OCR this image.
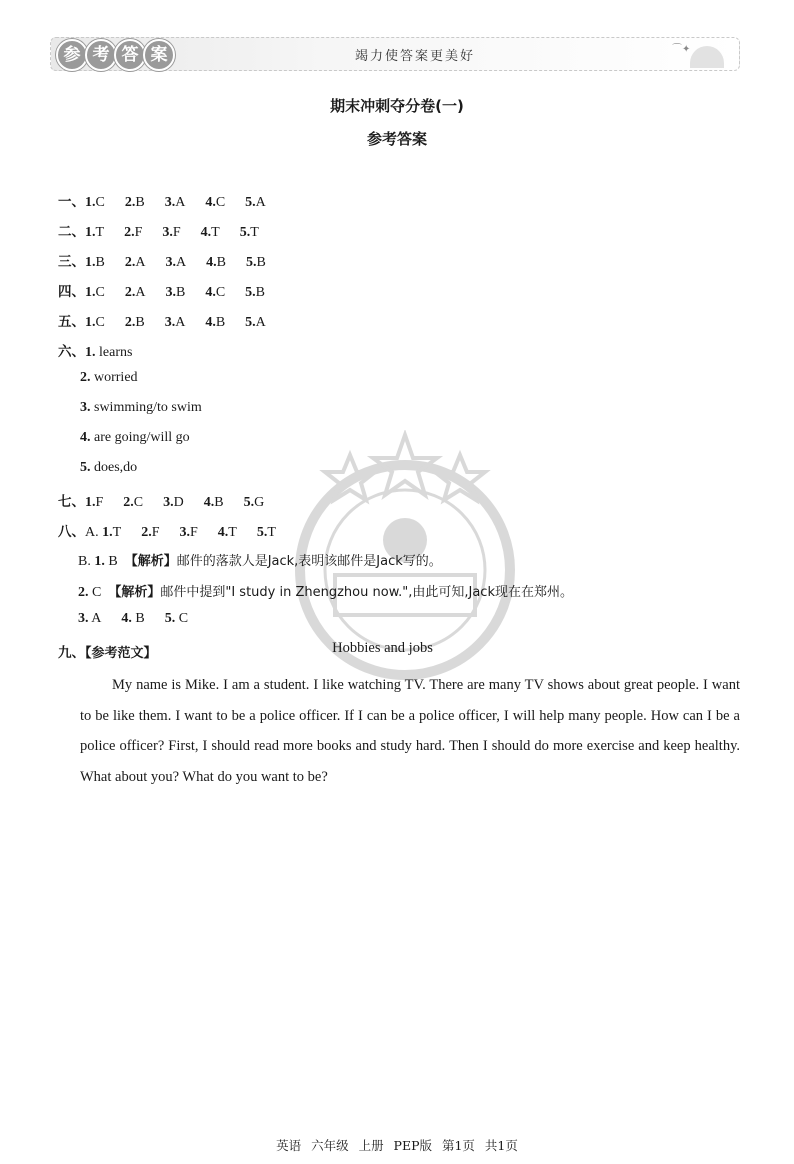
参 考 答 案	竭力使答案更美好	⌒✦
期末冲刺夺分卷(一)
参考答案
一、1.C 2.B 3.A 4.C 5.A
二、1.T 2.F 3.F 4.T 5.T
三、1.B 2.A 3.A 4.B 5.B
四、1.C 2.A 3.B 4.C 5.B
五、1.C 2.B 3.A 4.B 5.A
六、1. learns
2. worried
3. swimming/to swim
4. are going/will go
5. does,do
七、1.F 2.C 3.D 4.B 5.G
八、A. 1.T 2.F 3.F 4.T 5.T
B. 1. B 【解析】邮件的落款人是Jack,表明该邮件是Jack写的。
2. C 【解析】邮件中提到"I study in Zhengzhou now.",由此可知,Jack现在在郑州。
3. A 4. B 5. C
九、【参考范文】	Hobbies and jobs
My name is Mike. I am a student. I like watching TV. There are many TV shows about great people. I want to be like them. I want to be a police officer. If I can be a police officer, I will help many people. How can I be a police officer? First, I should read more books and study hard. Then I should do more exercise and keep healthy. What about you? What do you want to be?
英语 六年级 上册 PEP版 第1页 共1页
